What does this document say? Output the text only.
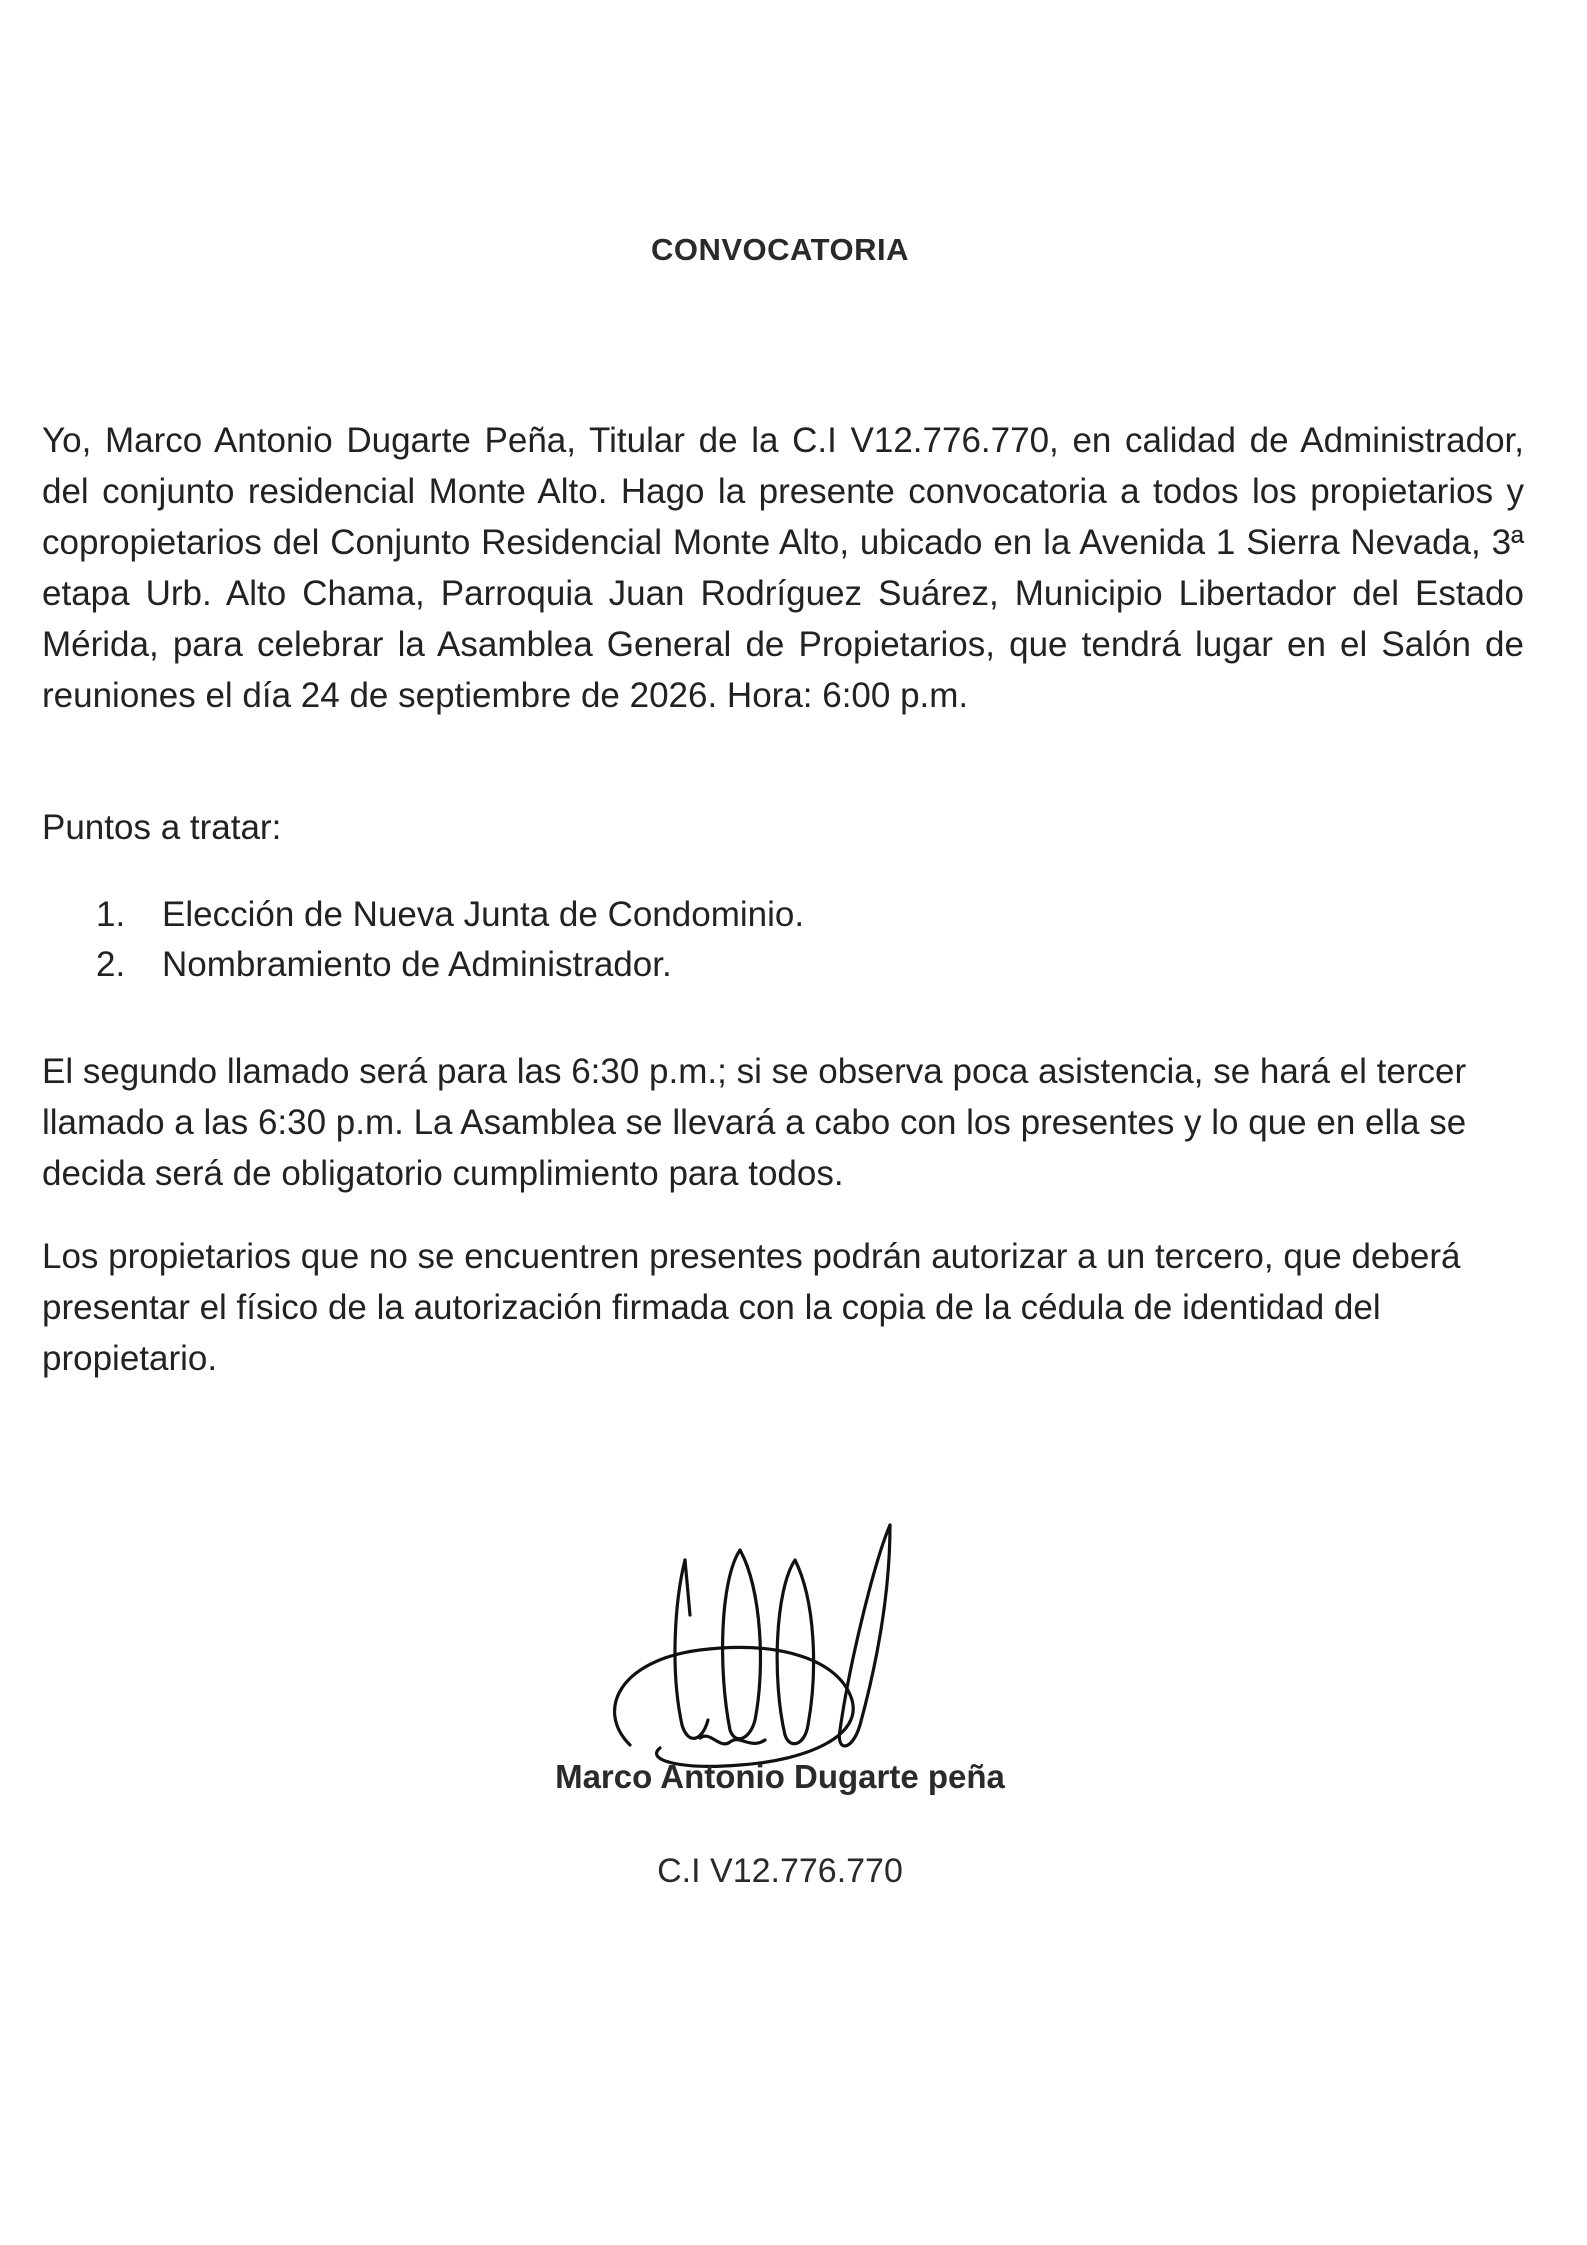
CONVOCATORIA
Yo, Marco Antonio Dugarte Peña, Titular de la C.I V12.776.770, en calidad de Administrador, del conjunto residencial Monte Alto. Hago la presente convocatoria a todos los propietarios y copropietarios del Conjunto Residencial Monte Alto, ubicado en la Avenida 1 Sierra Nevada, 3ª etapa Urb. Alto Chama, Parroquia Juan Rodríguez Suárez, Municipio Libertador del Estado Mérida, para celebrar la Asamblea General de Propietarios, que tendrá lugar en el Salón de reuniones el día 24 de septiembre de 2026. Hora: 6:00 p.m.
Puntos a tratar:
1.	Elección de Nueva Junta de Condominio.
2.	Nombramiento de Administrador.
El segundo llamado será para las 6:30 p.m.; si se observa poca asistencia, se hará el tercer llamado a las 6:30 p.m. La Asamblea se llevará a cabo con los presentes y lo que en ella se decida será de obligatorio cumplimiento para todos.
Los propietarios que no se encuentren presentes podrán autorizar a un tercero, que deberá presentar el físico de la autorización firmada con la copia de la cédula de identidad del propietario.
Marco Antonio Dugarte peña
C.I V12.776.770
